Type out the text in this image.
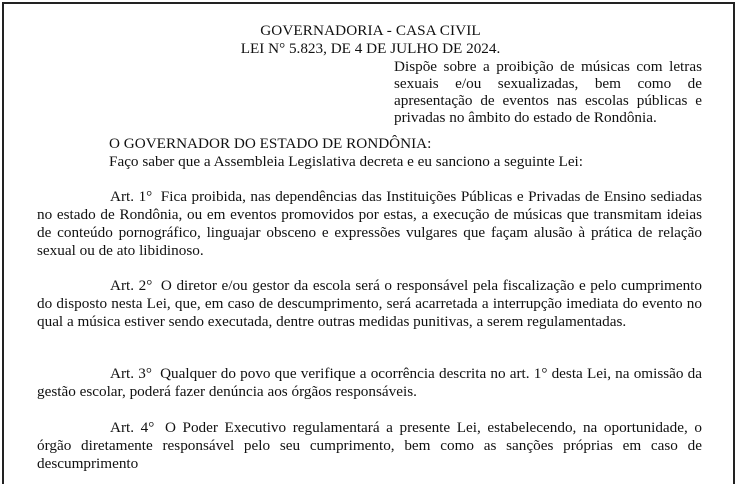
GOVERNADORIA - CASA CIVIL
LEI N° 5.823, DE 4 DE JULHO DE 2024.
Dispõe sobre a proibição de músicas com letras sexuais e/ou sexualizadas, bem como de apresentação de eventos nas escolas públicas e privadas no âmbito do estado de Rondônia.
O GOVERNADOR DO ESTADO DE RONDÔNIA:
Faço saber que a Assembleia Legislativa decreta e eu sanciono a seguinte Lei:
Art. 1° Fica proibida, nas dependências das Instituições Públicas e Privadas de Ensino sediadas no estado de Rondônia, ou em eventos promovidos por estas, a execução de músicas que transmitam ideias de conteúdo pornográfico, linguajar obsceno e expressões vulgares que façam alusão à prática de relação sexual ou de ato libidinoso.
Art. 2° O diretor e/ou gestor da escola será o responsável pela fiscalização e pelo cumprimento do disposto nesta Lei, que, em caso de descumprimento, será acarretada a interrupção imediata do evento no qual a música estiver sendo executada, dentre outras medidas punitivas, a serem regulamentadas.
Art. 3° Qualquer do povo que verifique a ocorrência descrita no art. 1° desta Lei, na omissão da gestão escolar, poderá fazer denúncia aos órgãos responsáveis.
Art. 4° O Poder Executivo regulamentará a presente Lei, estabelecendo, na oportunidade, o órgão diretamente responsável pelo seu cumprimento, bem como as sanções próprias em caso de descumprimento
